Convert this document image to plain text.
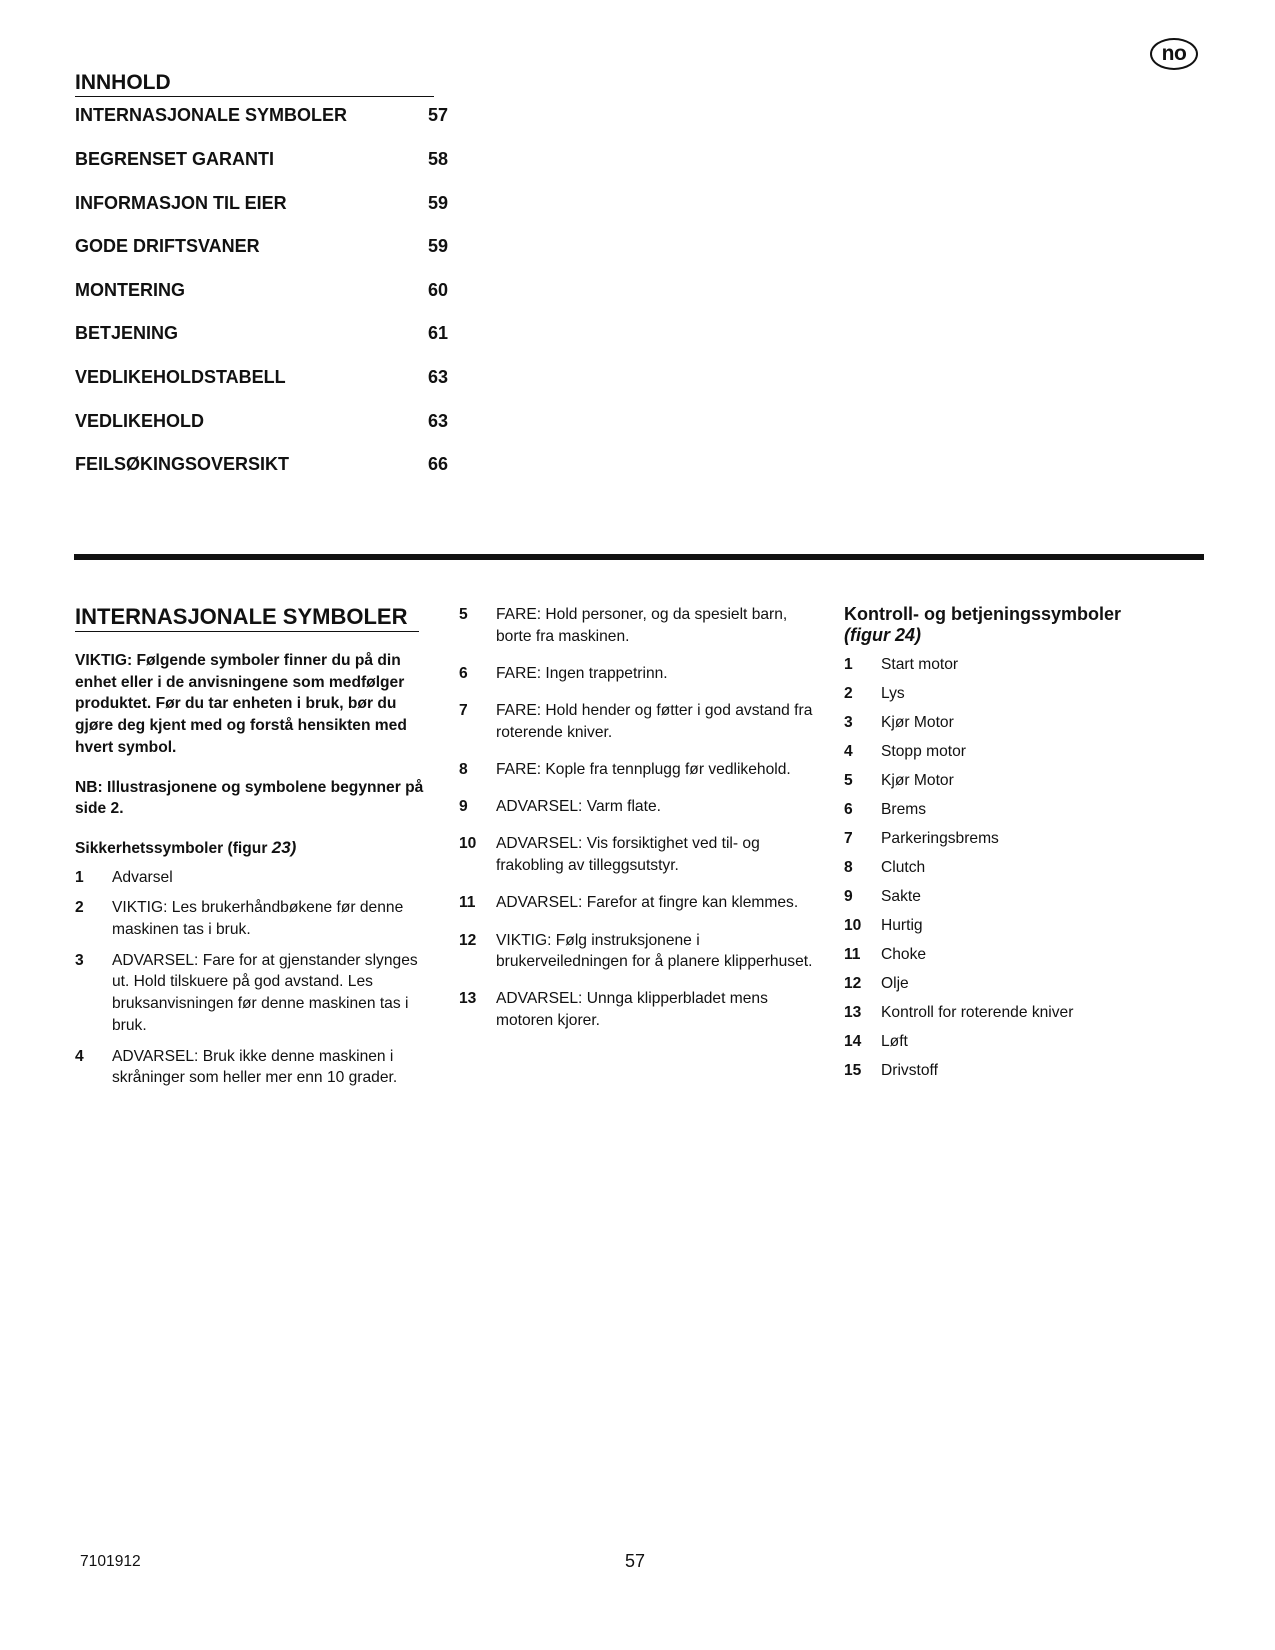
no
INNHOLD
INTERNASJONALE SYMBOLER	57
BEGRENSET GARANTI	58
INFORMASJON TIL EIER	59
GODE DRIFTSVANER	59
MONTERING	60
BETJENING	61
VEDLIKEHOLDSTABELL	63
VEDLIKEHOLD	63
FEILSØKINGSOVERSIKT	66
INTERNASJONALE SYMBOLER
VIKTIG: Følgende symboler finner du på din enhet eller i de anvisningene som medfølger produktet. Før du tar enheten i bruk, bør du gjøre deg kjent med og forstå hensikten med hvert symbol.
NB: Illustrasjonene og symbolene begynner på side 2.
Sikkerhetssymboler (figur 23)
1 Advarsel
2 VIKTIG: Les brukerhåndbøkene før denne maskinen tas i bruk.
3 ADVARSEL: Fare for at gjenstander slynges ut. Hold tilskuere på god avstand. Les bruksanvisningen før denne maskinen tas i bruk.
4 ADVARSEL: Bruk ikke denne maskinen i skråninger som heller mer enn 10 grader.
5 FARE: Hold personer, og da spesielt barn, borte fra maskinen.
6 FARE: Ingen trappetrinn.
7 FARE: Hold hender og føtter i god avstand fra roterende kniver.
8 FARE: Kople fra tennplugg før vedlikehold.
9 ADVARSEL: Varm flate.
10 ADVARSEL: Vis forsiktighet ved til- og frakobling av tilleggsutstyr.
11 ADVARSEL: Farefor at fingre kan klemmes.
12 VIKTIG: Følg instruksjonene i brukerveiledningen for å planere klipperhuset.
13 ADVARSEL: Unnga klipperbladet mens motoren kjorer.
Kontroll- og betjeningssymboler
(figur 24)
1 Start motor
2 Lys
3 Kjør Motor
4 Stopp motor
5 Kjør Motor
6 Brems
7 Parkeringsbrems
8 Clutch
9 Sakte
10 Hurtig
11 Choke
12 Olje
13 Kontroll for roterende kniver
14 Løft
15 Drivstoff
7101912	57
